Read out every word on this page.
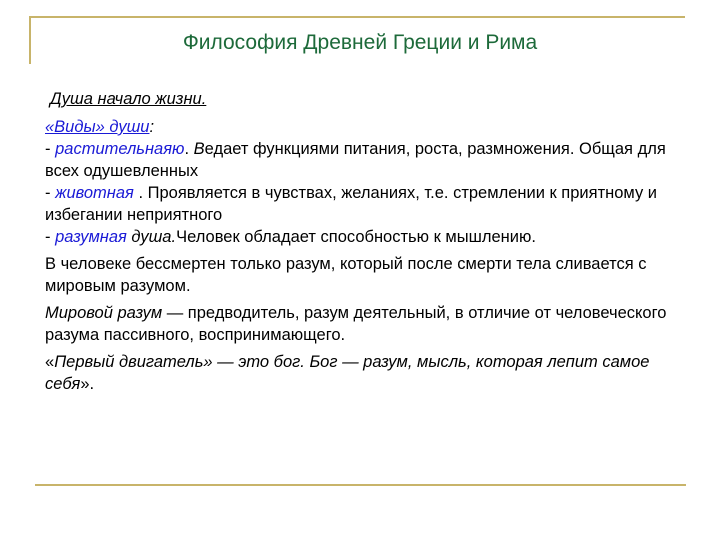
Философия Древней Греции и Рима

Душа начало жизни.

«Виды» души:

- растительнаяю. Ведает функциями питания, роста, размножения. Общая для всех одушевленных

- животная . Проявляется в чувствах, желаниях, т.е. стремлении к приятному и избегании неприятного

- разумная душа.Человек обладает способностью к мышлению.

В человеке бессмертен только разум, который после смерти тела сливается с мировым разумом.

Мировой разум — предводитель, разум деятельный, в отличие от человеческого разума пассивного, воспринимающего.

«Первый двигатель» — это бог. Бог — разум, мысль, которая лепит самое себя».
